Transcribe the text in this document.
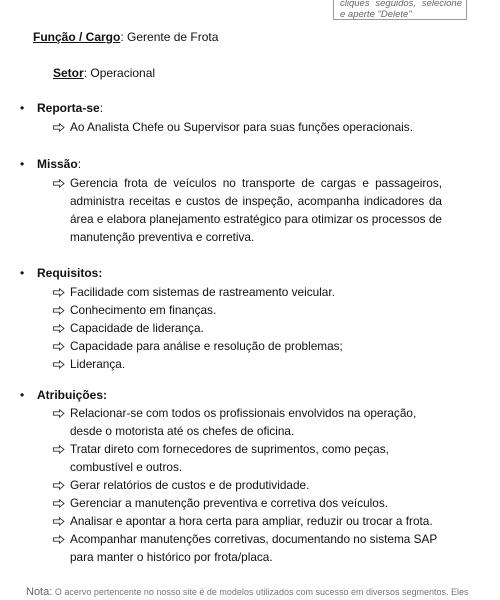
cliques seguidos, selecione e aperte "Delete"
Função / Cargo: Gerente de Frota
Setor: Operacional
• Reporta-se:
Ao Analista Chefe ou Supervisor para suas funções operacionais.
• Missão:
Gerencia frota de veículos no transporte de cargas e passageiros, administra receitas e custos de inspeção, acompanha indicadores da área e elabora planejamento estratégico para otimizar os processos de manutenção preventiva e corretiva.
• Requisitos:
Facilidade com sistemas de rastreamento veicular.
Conhecimento em finanças.
Capacidade de liderança.
Capacidade para análise e resolução de problemas;
Liderança.
• Atribuições:
Relacionar-se com todos os profissionais envolvidos na operação, desde o motorista até os chefes de oficina.
Tratar direto com fornecedores de suprimentos, como peças, combustível e outros.
Gerar relatórios de custos e de produtividade.
Gerenciar a manutenção preventiva e corretiva dos veículos.
Analisar e apontar a hora certa para ampliar, reduzir ou trocar a frota.
Acompanhar manutenções corretivas, documentando no sistema SAP para manter o histórico por frota/placa.
Nota: O acervo pertencente no nosso site é de modelos utilizados com sucesso em diversos segmentos. Eles
